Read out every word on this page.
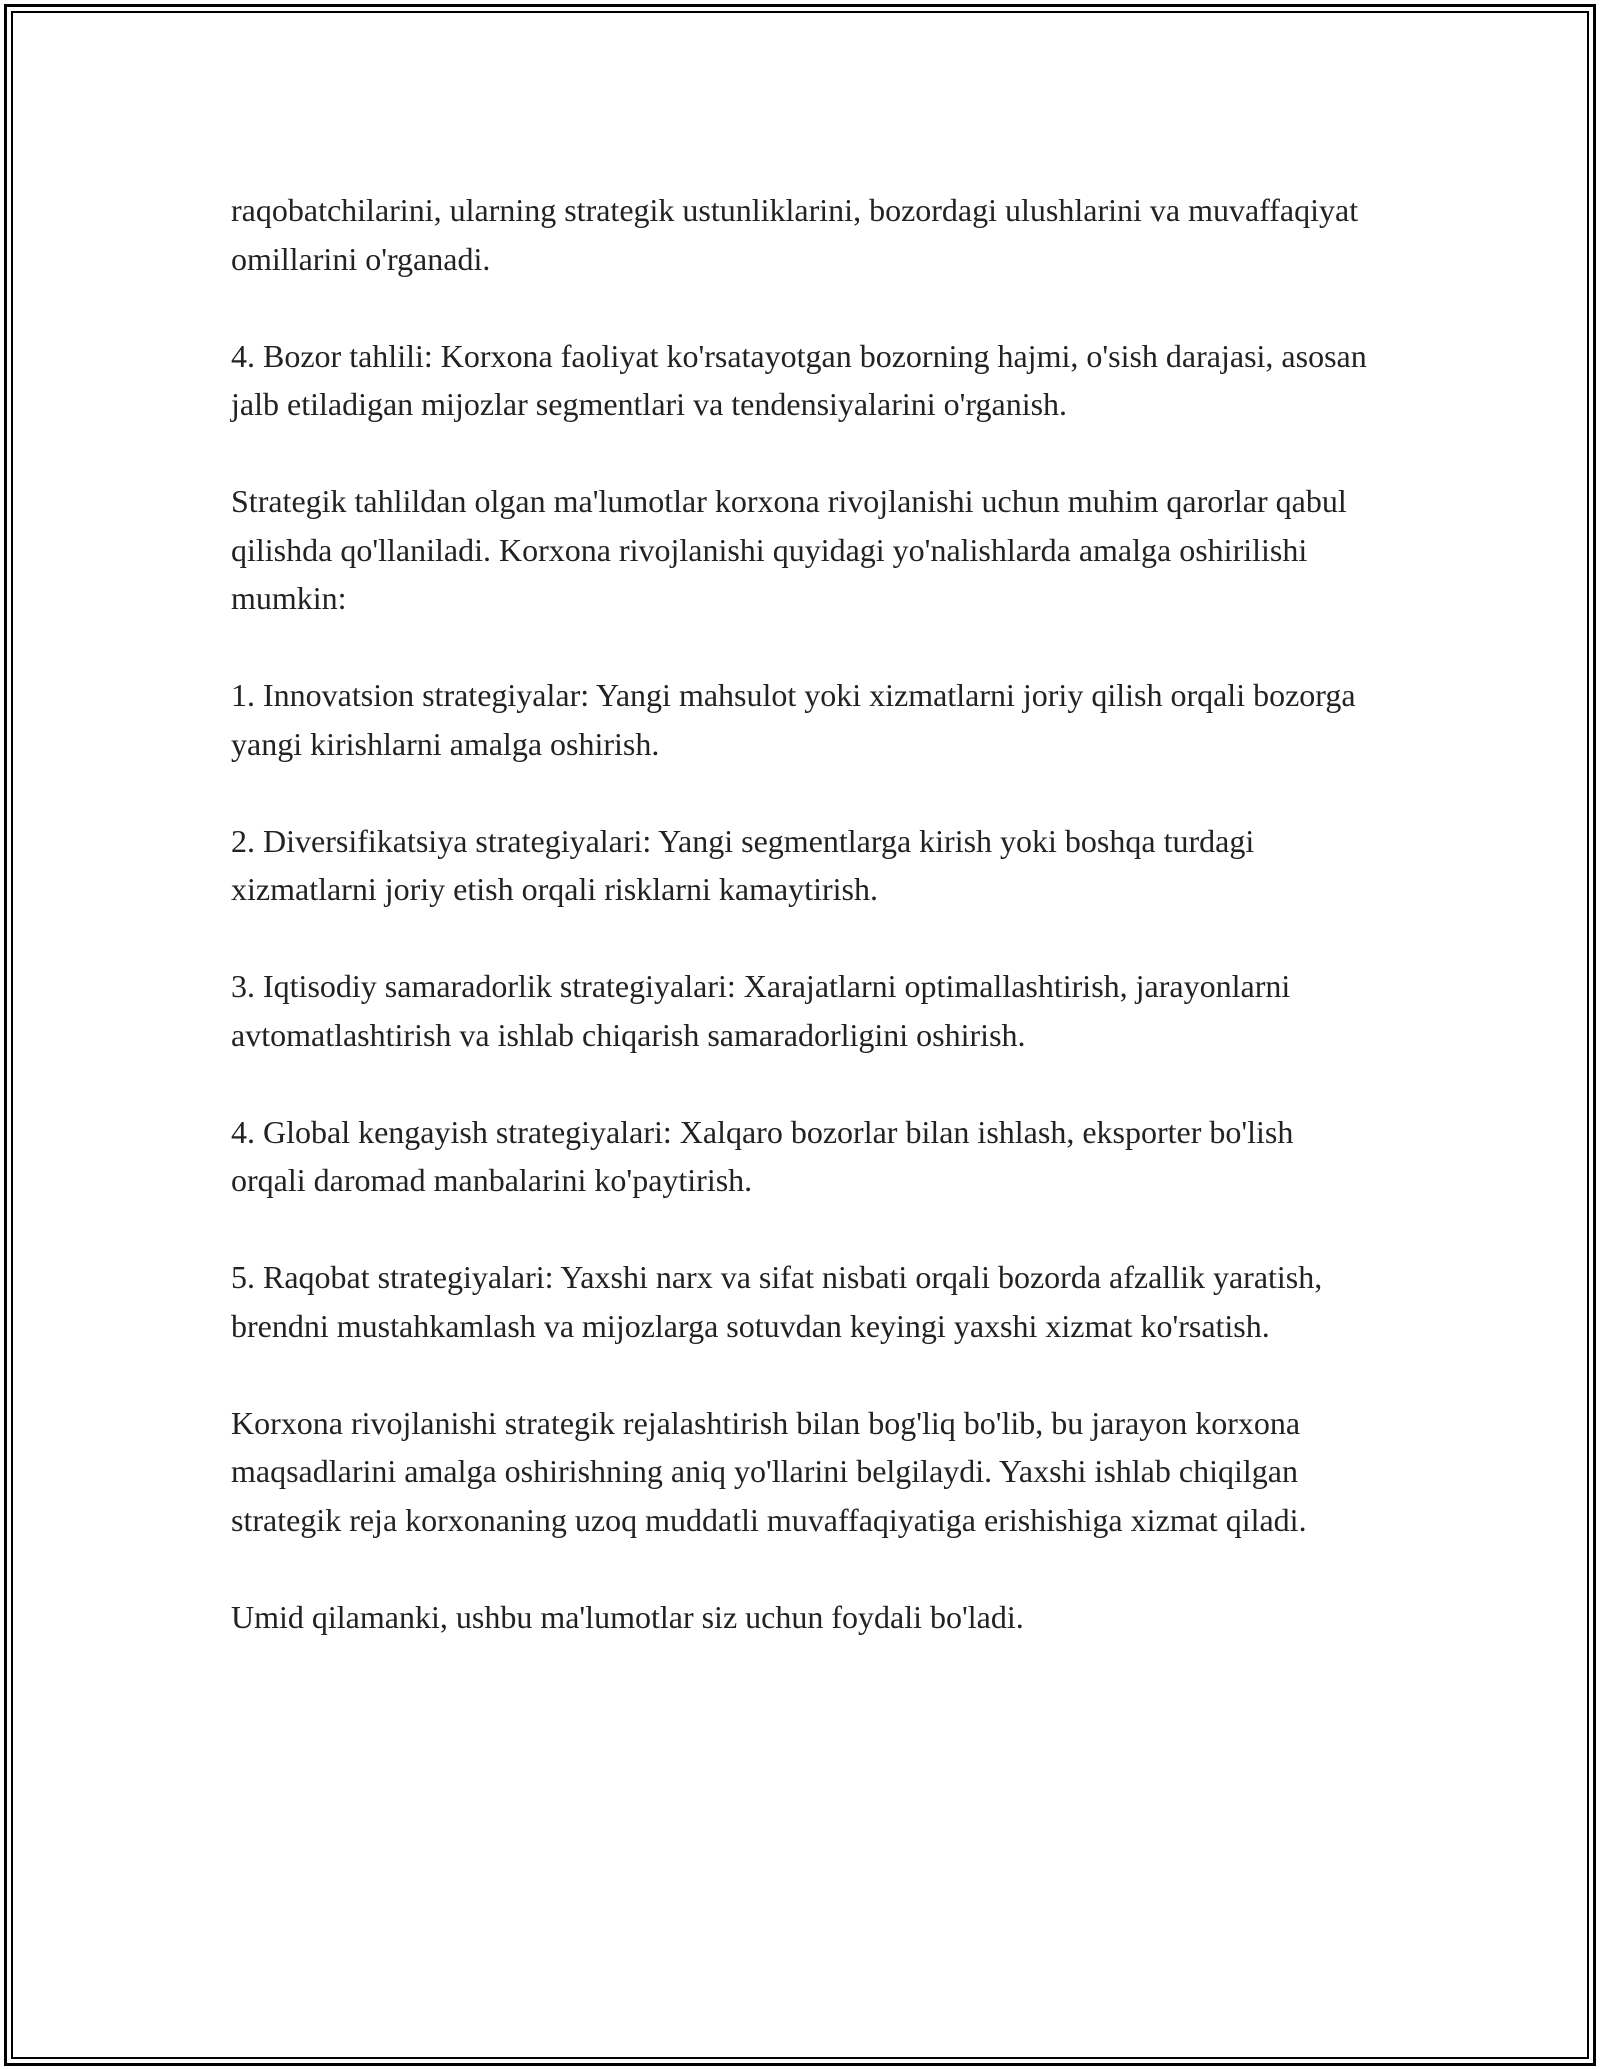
raqobatchilarini, ularning strategik ustunliklarini, bozordagi ulushlarini va muvaffaqiyat omillarini o'rganadi.

4. Bozor tahlili: Korxona faoliyat ko'rsatayotgan bozorning hajmi, o'sish darajasi, asosan jalb etiladigan mijozlar segmentlari va tendensiyalarini o'rganish.

Strategik tahlildan olgan ma'lumotlar korxona rivojlanishi uchun muhim qarorlar qabul qilishda qo'llaniladi. Korxona rivojlanishi quyidagi yo'nalishlarda amalga oshirilishi mumkin:

1. Innovatsion strategiyalar: Yangi mahsulot yoki xizmatlarni joriy qilish orqali bozorga yangi kirishlarni amalga oshirish.

2. Diversifikatsiya strategiyalari: Yangi segmentlarga kirish yoki boshqa turdagi xizmatlarni joriy etish orqali risklarni kamaytirish.

3. Iqtisodiy samaradorlik strategiyalari: Xarajatlarni optimallashtirish, jarayonlarni avtomatlashtirish va ishlab chiqarish samaradorligini oshirish.

4. Global kengayish strategiyalari: Xalqaro bozorlar bilan ishlash, eksporter bo'lish orqali daromad manbalarini ko'paytirish.

5. Raqobat strategiyalari: Yaxshi narx va sifat nisbati orqali bozorda afzallik yaratish, brendni mustahkamlash va mijozlarga sotuvdan keyingi yaxshi xizmat ko'rsatish.

Korxona rivojlanishi strategik rejalashtirish bilan bog'liq bo'lib, bu jarayon korxona maqsadlarini amalga oshirishning aniq yo'llarini belgilaydi. Yaxshi ishlab chiqilgan strategik reja korxonaning uzoq muddatli muvaffaqiyatiga erishishiga xizmat qiladi.

Umid qilamanki, ushbu ma'lumotlar siz uchun foydali bo'ladi.
